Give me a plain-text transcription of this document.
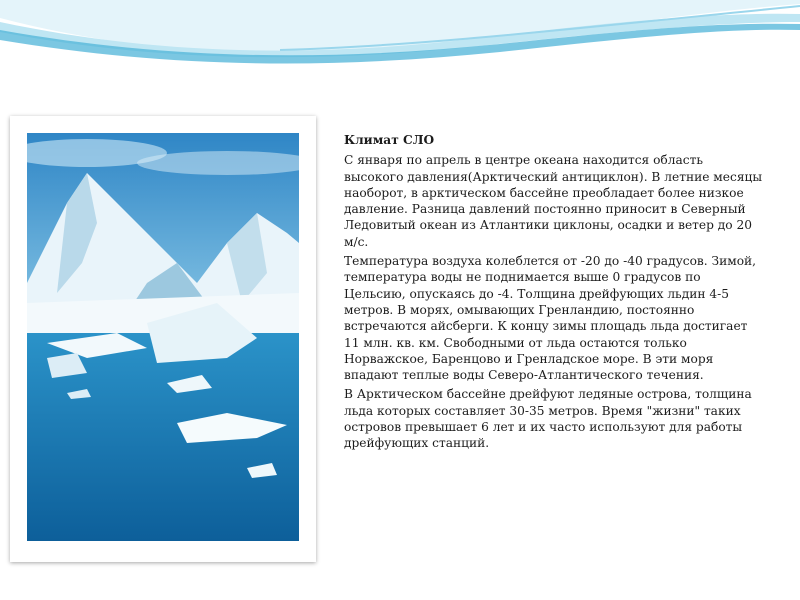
Климат СЛО

С января по апрель в центре океана находится область высокого давления(Арктический антициклон). В летние месяцы наоборот, в арктическом бассейне преобладает более низкое давление. Разница давлений постоянно приносит в Северный Ледовитый океан из Атлантики циклоны, осадки и ветер до 20 м/с.

Температура воздуха колеблется от -20 до -40 градусов. Зимой, температура воды не поднимается выше 0 градусов по Цельсию, опускаясь до -4. Толщина дрейфующих льдин 4-5 метров. В морях, омывающих Гренландию, постоянно встречаются айсберги. К концу зимы площадь льда достигает 11 млн. кв. км. Свободными от льда остаются только Норважское, Баренцово и Гренладское море. В эти моря впадают теплые воды Северо-Атлантического течения.

В Арктическом бассейне дрейфуют ледяные острова, толщина льда которых составляет 30-35 метров. Время "жизни" таких островов превышает 6 лет и их часто используют для работы дрейфующих станций.
